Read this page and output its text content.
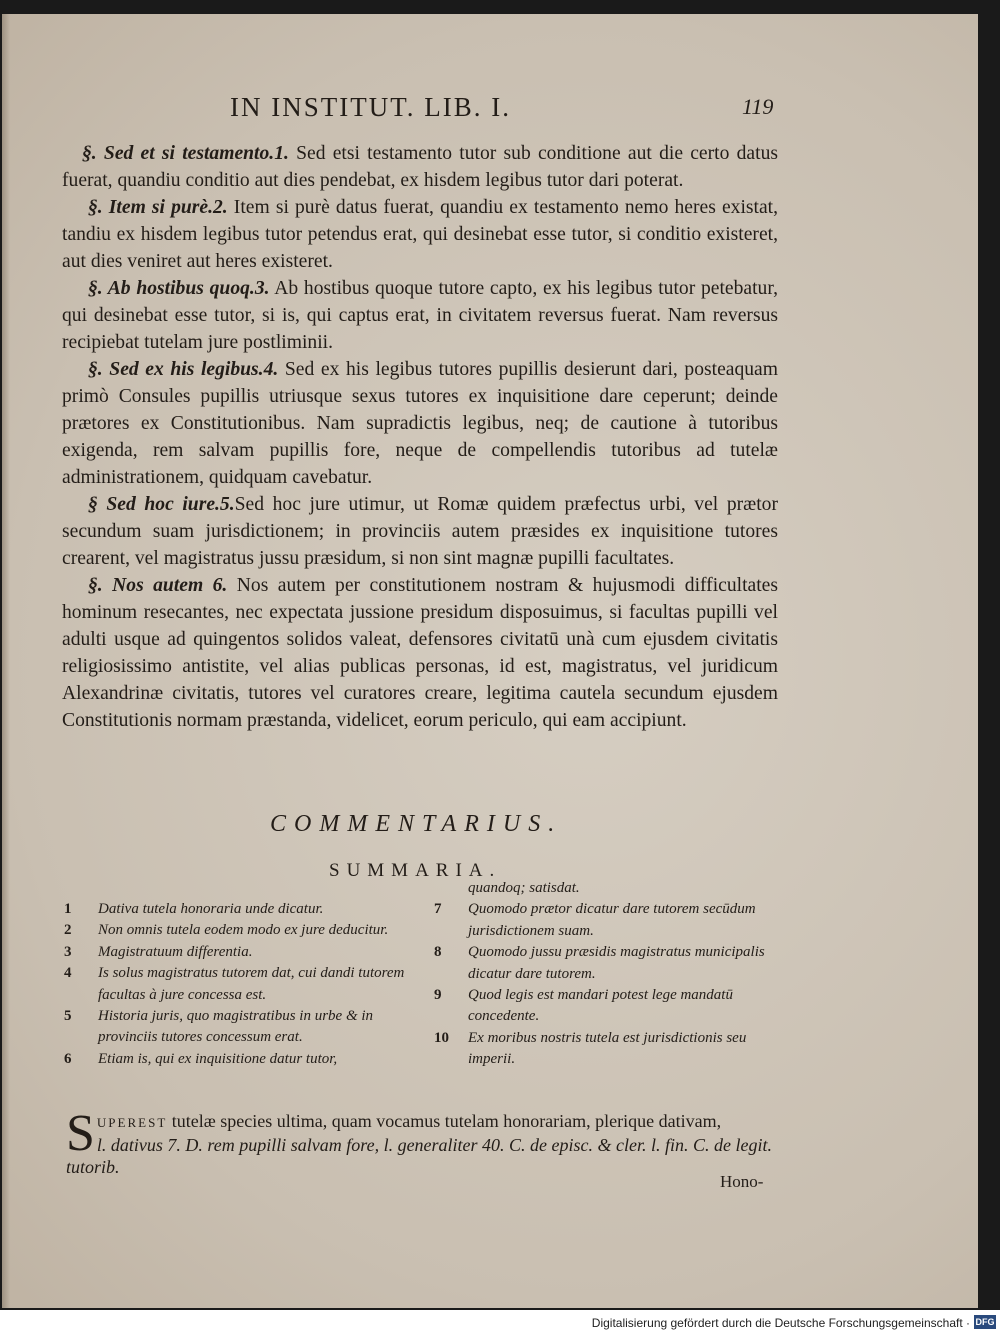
IN INSTITUT. LIB. I.	119

§. Sed et si testamento.1. Sed etsi testamento tutor sub conditione aut die certo datus fuerat, quandiu conditio aut dies pendebat, ex hisdem legibus tutor dari poterat.

§. Item si purè.2. Item si purè datus fuerat, quandiu ex testamento nemo heres existat, tandiu ex hisdem legibus tutor petendus erat, qui desinebat esse tutor, si conditio existeret, aut dies veniret aut heres existeret.

§. Ab hostibus quoq.3. Ab hostibus quoque tutore capto, ex his legibus tutor petebatur, qui desinebat esse tutor, si is, qui captus erat, in civitatem reversus fuerat. Nam reversus recipiebat tutelam jure postliminii.

§. Sed ex his legibus.4. Sed ex his legibus tutores pupillis desierunt dari, posteaquam primò Consules pupillis utriusque sexus tutores ex inquisitione dare ceperunt; deinde prætores ex Constitutionibus. Nam supradictis legibus, neq; de cautione à tutoribus exigenda, rem salvam pupillis fore, neque de compellendis tutoribus ad tutelæ administrationem, quidquam cavebatur.

§ Sed hoc iure.5.Sed hoc jure utimur, ut Romæ quidem præfectus urbi, vel prætor secundum suam jurisdictionem; in provinciis autem præsides ex inquisitione tutores crearent, vel magistratus jussu præsidum, si non sint magnæ pupilli facultates.

§. Nos autem 6. Nos autem per constitutionem nostram & hujusmodi difficultates hominum resecantes, nec expectata jussione presidum disposuimus, si facultas pupilli vel adulti usque ad quingentos solidos valeat, defensores civitatū unà cum ejusdem civitatis religiosissimo antistite, vel alias publicas personas, id est, magistratus, vel juridicum Alexandrinæ civitatis, tutores vel curatores creare, legitima cautela secundum ejusdem Constitutionis normam præstanda, videlicet, eorum periculo, qui eam accipiunt.

COMMENTARIUS.
SUMMARIA.
1	Dativa tutela honoraria unde dicatur.
2	Non omnis tutela eodem modo ex jure deducitur.
3	Magistratuum differentia.
4	Is solus magistratus tutorem dat, cui dandi tutorem facultas à jure concessa est.
5	Historia juris, quo magistratibus in urbe & in provinciis tutores concessum erat.
6	Etiam is, qui ex inquisitione datur tutor,
quandoq; satisdat.
7	Quomodo prætor dicatur dare tutorem secūdum jurisdictionem suam.
8	Quomodo jussu præsidis magistratus municipalis dicatur dare tutorem.
9	Quod legis est mandari potest lege mandatū concedente.
10	Ex moribus nostris tutela est jurisdictionis seu imperii.
S UPEREST tutelæ species ultima, quam vocamus tutelam honorariam, plerique dativam,
l. dativus 7. D. rem pupilli salvam fore, l. generaliter 40. C. de episc. & cler. l. fin. C. de legit. tutorib.
Hono-
Digitalisierung gefördert durch die Deutsche Forschungsgemeinschaft · DFG
